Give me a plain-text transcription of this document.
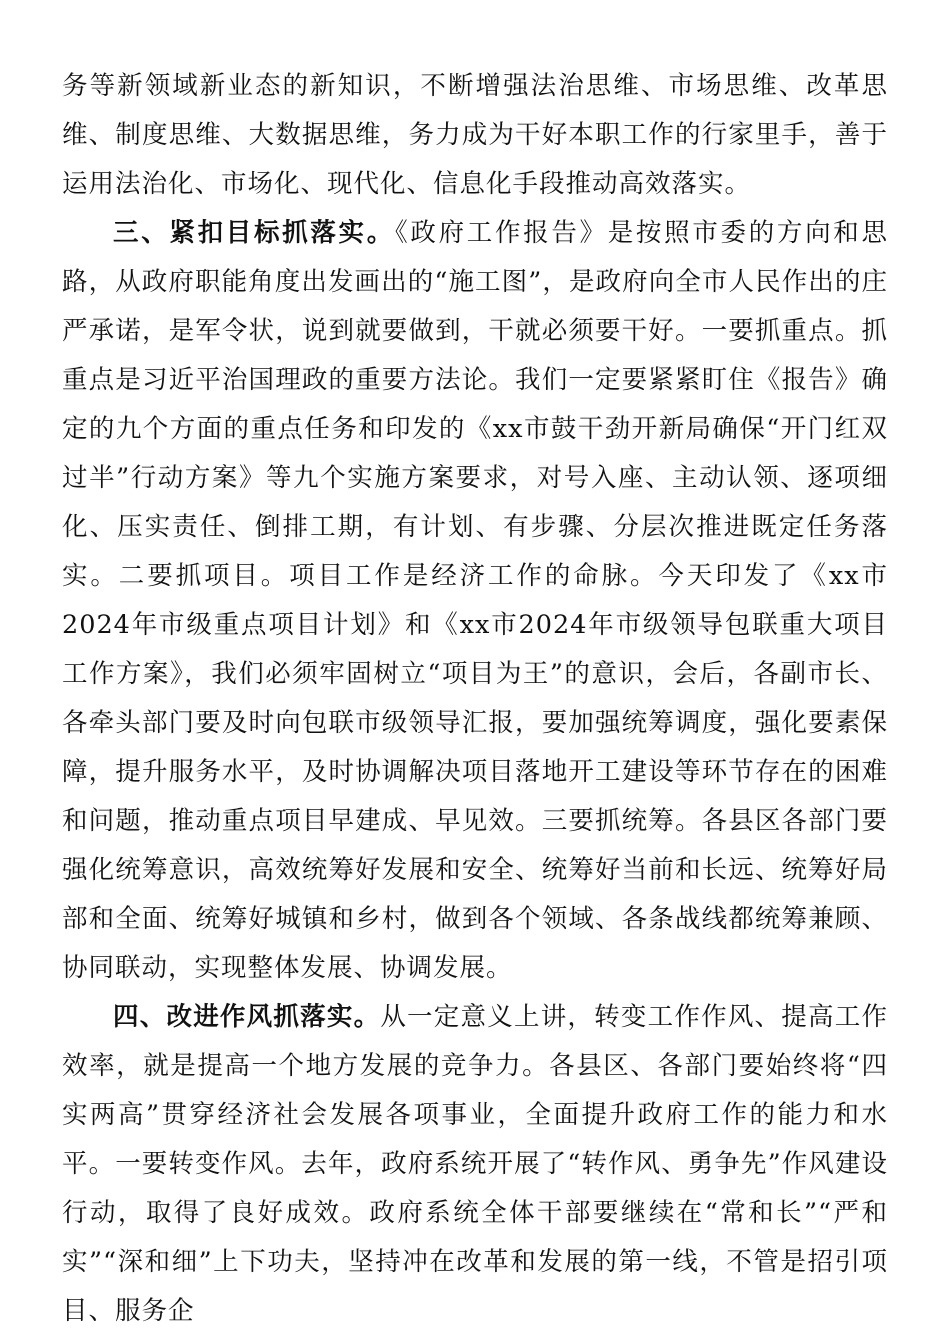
务等新领域新业态的新知识，不断增强法治思维、市场思维、改革思维、制度思维、大数据思维，务力成为干好本职工作的行家里手，善于运用法治化、市场化、现代化、信息化手段推动高效落实。

三、紧扣目标抓落实。《政府工作报告》是按照市委的方向和思路，从政府职能角度出发画出的“施工图”，是政府向全市人民作出的庄严承诺，是军令状，说到就要做到，干就必须要干好。一要抓重点。抓重点是习近平治国理政的重要方法论。我们一定要紧紧盯住《报告》确定的九个方面的重点任务和印发的《xx市鼓干劲开新局确保“开门红双过半”行动方案》等九个实施方案要求，对号入座、主动认领、逐项细化、压实责任、倒排工期，有计划、有步骤、分层次推进既定任务落实。二要抓项目。项目工作是经济工作的命脉。今天印发了《xx市2024年市级重点项目计划》和《xx市2024年市级领导包联重大项目工作方案》，我们必须牢固树立“项目为王”的意识，会后，各副市长、各牵头部门要及时向包联市级领导汇报，要加强统筹调度，强化要素保障，提升服务水平，及时协调解决项目落地开工建设等环节存在的困难和问题，推动重点项目早建成、早见效。三要抓统筹。各县区各部门要强化统筹意识，高效统筹好发展和安全、统筹好当前和长远、统筹好局部和全面、统筹好城镇和乡村，做到各个领域、各条战线都统筹兼顾、协同联动，实现整体发展、协调发展。

四、改进作风抓落实。从一定意义上讲，转变工作作风、提高工作效率，就是提高一个地方发展的竞争力。各县区、各部门要始终将“四实两高”贯穿经济社会发展各项事业，全面提升政府工作的能力和水平。一要转变作风。去年，政府系统开展了“转作风、勇争先”作风建设行动，取得了良好成效。政府系统全体干部要继续在“常和长”“严和实”“深和细”上下功夫，坚持冲在改革和发展的第一线，不管是招引项目、服务企
